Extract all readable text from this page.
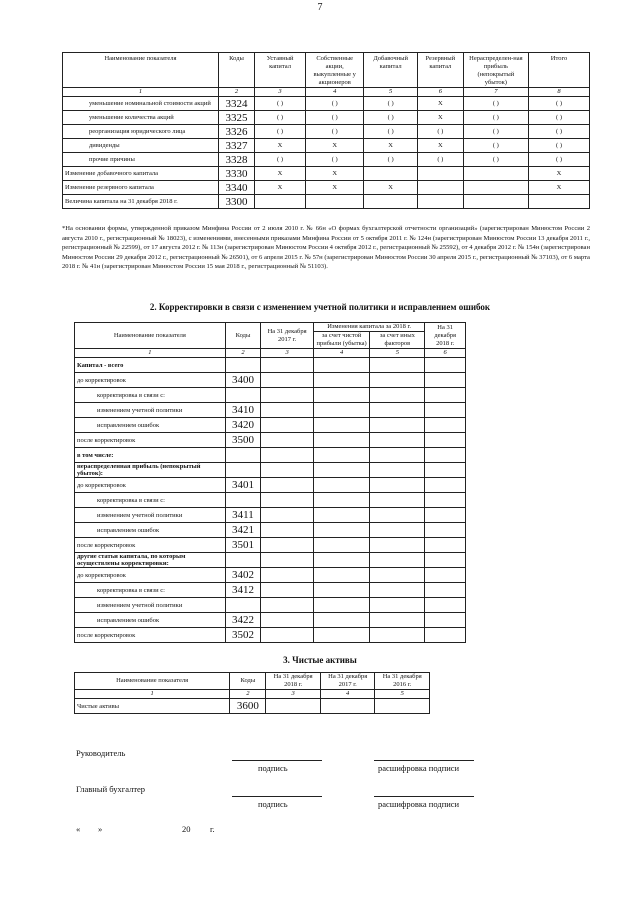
7
Наименование показателя	Коды	Уставный капитал	Собственные акции, выкупленные у акционеров	Добавочный капитал	Резервный капитал	Нераспределен-ная прибыль (непокрытый убыток)	Итого
1	2	3	4	5	6	7	8
уменьшение номинальной стоимости акций	3324	( )	( )	( )	X	( )	( )
уменьшение количества акций	3325	( )	( )	( )	X	( )	( )
реорганизация юридического лица	3326	( )	( )	( )	( )	( )	( )
дивиденды	3327	X	X	X	X	( )	( )
прочие причины	3328	( )	( )	( )	( )	( )	( )
Изменение добавочного капитала	3330	X	X				X
Изменение резервного капитала	3340	X	X	X			X
Величина капитала на 31 декабря 2018 г.	3300						
*На основании формы, утвержденной приказом Минфина России от 2 июля 2010 г. № 66н «О формах бухгалтерской отчетности организаций» (зарегистрирован Минюстом России 2 августа 2010 г., регистрационный № 18023), с изменениями, внесенными приказами Минфина России от 5 октября 2011 г. № 124н (зарегистрирован Минюстом России 13 декабря 2011 г., регистрационный № 22599), от 17 августа 2012 г. № 113н (зарегистрирован Минюстом России 4 октября 2012 г., регистрационный № 25592), от 4 декабря 2012 г. № 154н (зарегистрирован Минюстом России 29 декабря 2012 г., регистрационный № 26501), от 6 апреля 2015 г. № 57н (зарегистрирован Минюстом России 30 апреля 2015 г., регистрационный № 37103), от 6 марта 2018 г. № 41н (зарегистрирован Минюстом России 15 мая 2018 г., регистрационный № 51103).
2. Корректировки в связи с изменением учетной политики и исправлением ошибок
Наименование показателя	Коды	На 31 декабря 2017 г.	Изменения капитала за 2018 г.		На 31 декабря 2018 г.
			за счет чистой прибыли (убытка)	за счет иных факторов	
1	2	3	4	5	6
Капитал - всего					
до корректировок	3400				
корректировка в связи с:					
изменением учетной политики	3410				
исправлением ошибок	3420				
после корректировок	3500				
в том числе:					
нераспределенная прибыль (непокрытый убыток):					
до корректировок	3401				
корректировка в связи с:					
изменением учетной политики	3411				
исправлением ошибок	3421				
после корректировок	3501				
другие статьи капитала, по которым осуществлены корректировки:					
до корректировок	3402				
корректировка в связи с:	3412				
изменением учетной политики					
исправлением ошибок	3422				
после корректировок	3502				
3. Чистые активы
Наименование показателя	Коды	На 31 декабря 2018 г.	На 31 декабря 2017 г.	На 31 декабря 2016 г.
1	2	3	4	5
Чистые активы	3600			
Руководитель
подпись	расшифровка подписи
Главный бухгалтер
подпись	расшифровка подписи
« »	20 г.
